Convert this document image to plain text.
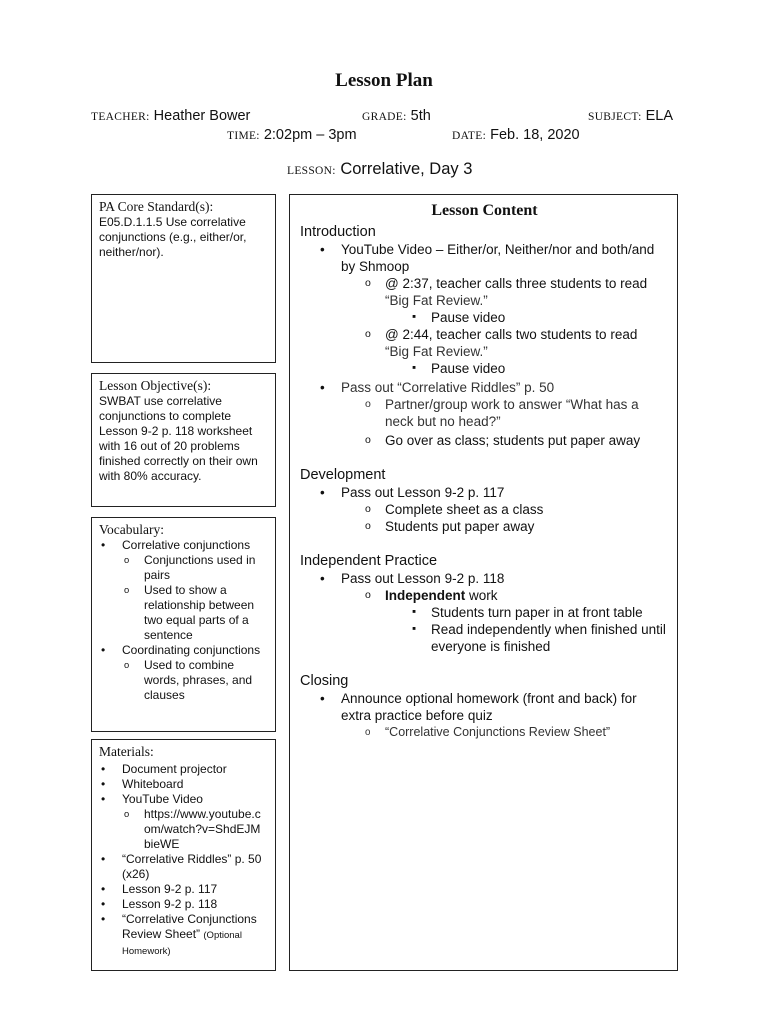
Lesson Plan
TEACHER: Heather Bower	GRADE: 5th	SUBJECT: ELA
TIME: 2:02pm – 3pm	DATE: Feb. 18, 2020
LESSON: Correlative, Day 3
PA Core Standard(s):
E05.D.1.1.5 Use correlative conjunctions (e.g., either/or, neither/nor).
Lesson Objective(s):
SWBAT use correlative conjunctions to complete Lesson 9-2 p. 118 worksheet with 16 out of 20 problems finished correctly on their own with 80% accuracy.
Vocabulary:
• Correlative conjunctions
o Conjunctions used in pairs
o Used to show a relationship between two equal parts of a sentence
• Coordinating conjunctions
o Used to combine words, phrases, and clauses
Materials:
• Document projector
• Whiteboard
• YouTube Video
o https://www.youtube.com/watch?v=ShdEJMbieWE
• “Correlative Riddles” p. 50 (x26)
• Lesson 9-2 p. 117
• Lesson 9-2 p. 118
• “Correlative Conjunctions Review Sheet” (Optional Homework)
Lesson Content
Introduction
• YouTube Video – Either/or, Neither/nor and both/and by Shmoop
o @ 2:37, teacher calls three students to read
“Big Fat Review.”
▪ Pause video
o @ 2:44, teacher calls two students to read
“Big Fat Review.”
▪ Pause video
• Pass out “Correlative Riddles” p. 50
o Partner/group work to answer “What has a neck but no head?”
o Go over as class; students put paper away
Development
• Pass out Lesson 9-2 p. 117
o Complete sheet as a class
o Students put paper away
Independent Practice
• Pass out Lesson 9-2 p. 118
o Independent work
▪ Students turn paper in at front table
▪ Read independently when finished until everyone is finished
Closing
• Announce optional homework (front and back) for extra practice before quiz
o “Correlative Conjunctions Review Sheet”
